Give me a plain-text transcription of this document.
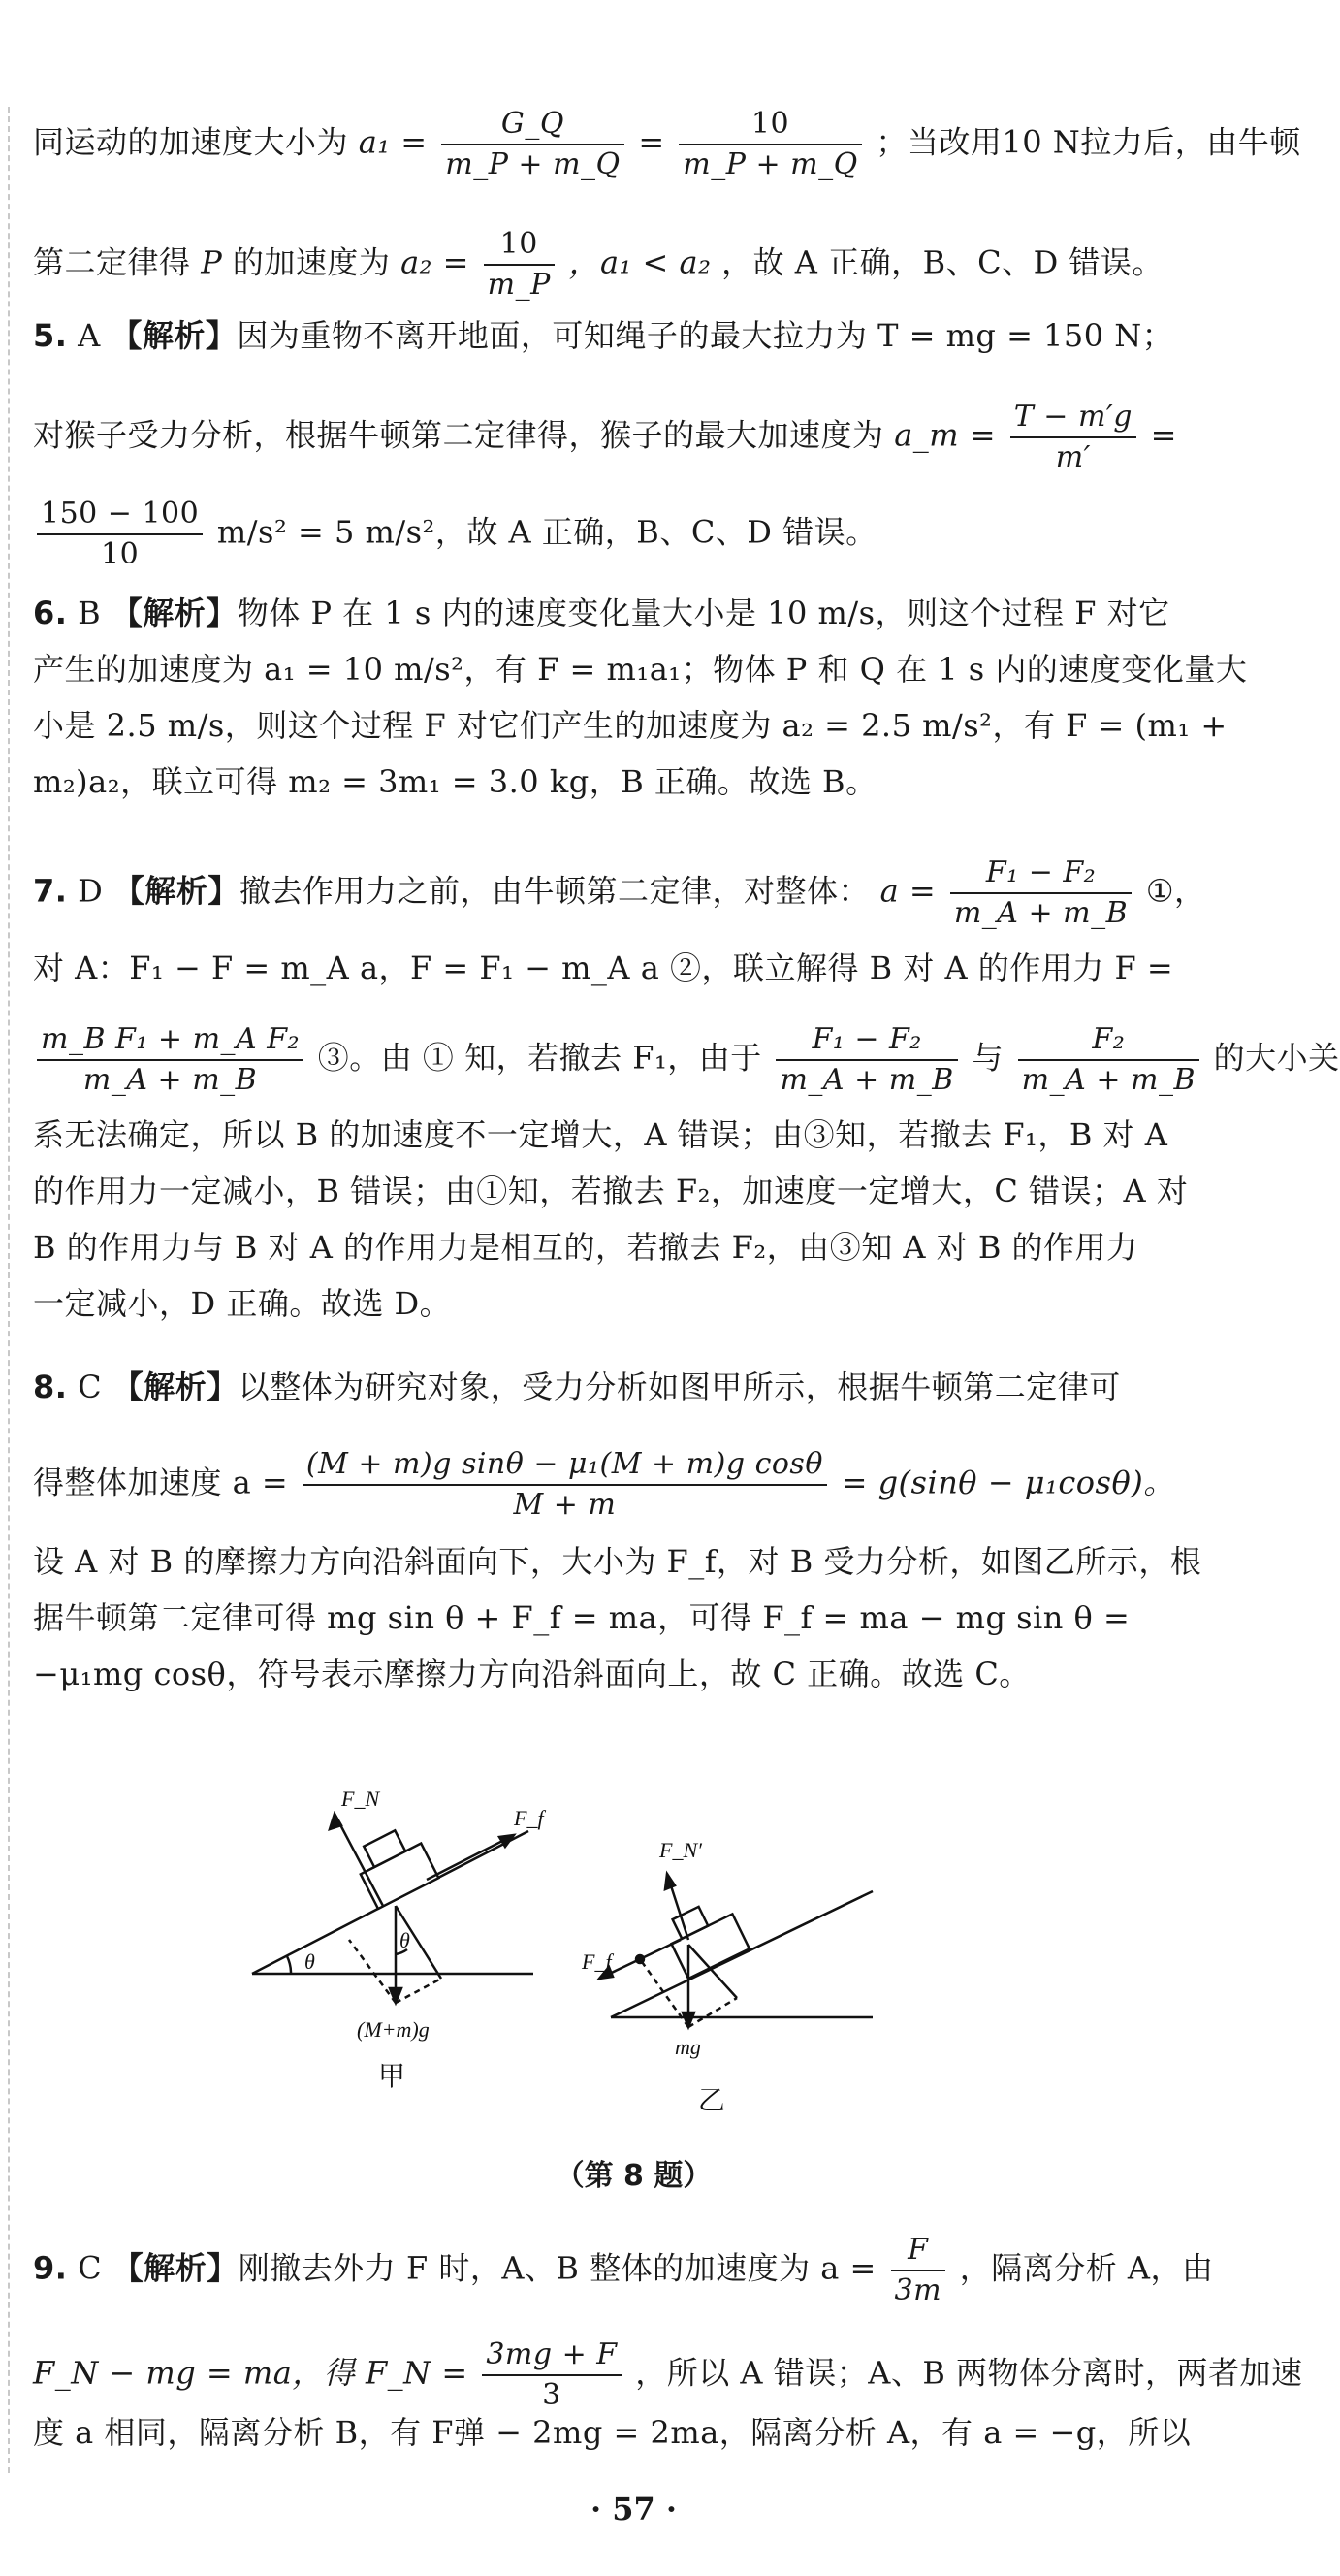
同运动的加速度大小为 $a_1 = \frac{G\_Q}{m\_P + m\_Q} = \frac{10}{m\_P + m\_Q}$ ；当改用10 N拉力后，由牛顿
第二定律得 P 的加速度为 $a_2 = \frac{10}{m\_P}$ ，a₁ < a₂ ，故 A 正确，B、C、D 错误。
5. A 【解析】因为重物不离开地面，可知绳子的最大拉力为 T = mg = 150 N；
对猴子受力分析，根据牛顿第二定律得，猴子的最大加速度为 a_m = $\frac{T - m'g}{m'}$ =
$\frac{150 - 100}{10} m/s^2 = 5$ m/s²，故 A 正确，B、C、D 错误。
6. B 【解析】物体 P 在 1 s 内的速度变化量大小是 10 m/s，则这个过程 F 对它
产生的加速度为 a₁ = 10 m/s²，有 F = m₁a₁；物体 P 和 Q 在 1 s 内的速度变化量大
小是 2.5 m/s，则这个过程 F 对它们产生的加速度为 a₂ = 2.5 m/s²，有 F = (m₁ +
m₂)a₂，联立可得 m₂ = 3m₁ = 3.0 kg，B 正确。故选 B。
7. D 【解析】撤去作用力之前，由牛顿第二定律，对整体： $a = \frac{\text{F₁ − F₂}}{m\_A + m\_B}$ ①，
对 A：F₁ − F = m_A a，F = F₁ − m_A a ②，联立解得 B 对 A 的作用力 F =
$\frac{\text{m\_B F₁ + m\_A F₂}}{m\_A + m\_B}$ ③。由 ① 知，若撤去 F₁，由于 $\frac{\text{F₁ − F₂}}{m\_A + m\_B}$ 与 $\frac{\text{F₂}}{m\_A + m\_B}$ 的大小关
系无法确定，所以 B 的加速度不一定增大，A 错误；由③知，若撤去 F₁，B 对 A
的作用力一定减小，B 错误；由①知，若撤去 F₂，加速度一定增大，C 错误；A 对
B 的作用力与 B 对 A 的作用力是相互的，若撤去 F₂，由③知 A 对 B 的作用力
一定减小，D 正确。故选 D。
8. C 【解析】以整体为研究对象，受力分析如图甲所示，根据牛顿第二定律可
得整体加速度 $a = \frac{\text{(M + m)g sinθ − μ₁(M + m)g cosθ}}{M + m} = g(\sin\theta - \mu_1\cos\theta)$。
设 A 对 B 的摩擦力方向沿斜面向下，大小为 F_f，对 B 受力分析，如图乙所示，根
据牛顿第二定律可得 mg sin θ + F_f = ma，可得 F_f = ma − mg sin θ =
−μ₁mg cosθ，符号表示摩擦力方向沿斜面向上，故 C 正确。故选 C。
F_N
F_f
θ
θ
(M+m)g
甲
F_N′
F_f
mg
乙
（第 8 题）
9. C 【解析】刚撤去外力 F 时，A、B 整体的加速度为 $a = \frac{F}{3m}$ ，隔离分析 A，由
F_N − mg = ma，得 F_N = $\frac{3mg + F}{3}$ ，所以 A 错误；A、B 两物体分离时，两者加速
度 a 相同，隔离分析 B，有 F弹 − 2mg = 2ma，隔离分析 A，有 a = −g，所以
· 57 ·
